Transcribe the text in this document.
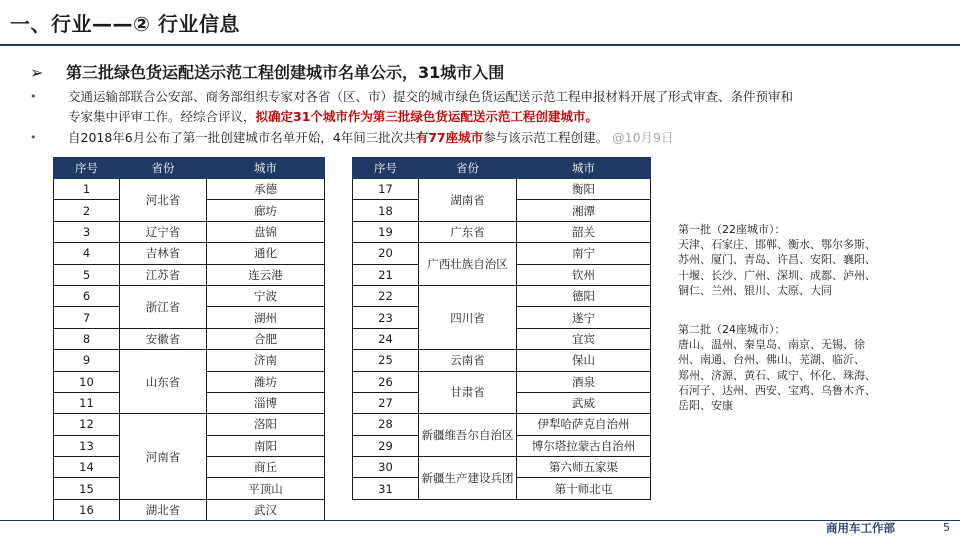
一、行业——② 行业信息
➢ 第三批绿色货运配送示范工程创建城市名单公示，31城市入围
•	交通运输部联合公安部、商务部组织专家对各省（区、市）提交的城市绿色货运配送示范工程申报材料开展了形式审查、条件预审和
专家集中评审工作。经综合评议，拟确定31个城市作为第三批绿色货运配送示范工程创建城市。
•	自2018年6月公布了第一批创建城市名单开始，4年间三批次共有77座城市参与该示范工程创建。 @10月9日
序号	省份	城市
1	河北省	承德
2		廊坊
3	辽宁省	盘锦
4	吉林省	通化
5	江苏省	连云港
6	浙江省	宁波
7		湖州
8	安徽省	合肥
9	山东省	济南
10		潍坊
11		淄博
12	河南省	洛阳
13		南阳
14		商丘
15		平顶山
16	湖北省	武汉
序号	省份	城市
17	湖南省	衡阳
18		湘潭
19	广东省	韶关
20	广西壮族自治区	南宁
21		钦州
22	四川省	德阳
23		遂宁
24		宜宾
25	云南省	保山
26	甘肃省	酒泉
27		武威
28	新疆维吾尔自治区	伊犁哈萨克自治州
29		博尔塔拉蒙古自治州
30	新疆生产建设兵团	第六师五家渠
31		第十师北屯
第一批（22座城市）：
天津、石家庄、邯郸、衡水、鄂尔多斯、
苏州、厦门、青岛、许昌、安阳、襄阳、
十堰、长沙、广州、深圳、成都、泸州、
铜仁、兰州、银川、太原、大同
第二批（24座城市）：
唐山、温州、秦皇岛、南京、无锡、徐
州、南通、台州、佛山、芜湖、临沂、
郑州、济源、黄石、咸宁、怀化、珠海、
石河子、达州、西安、宝鸡、乌鲁木齐、
岳阳、安康
商用车工作部	5
